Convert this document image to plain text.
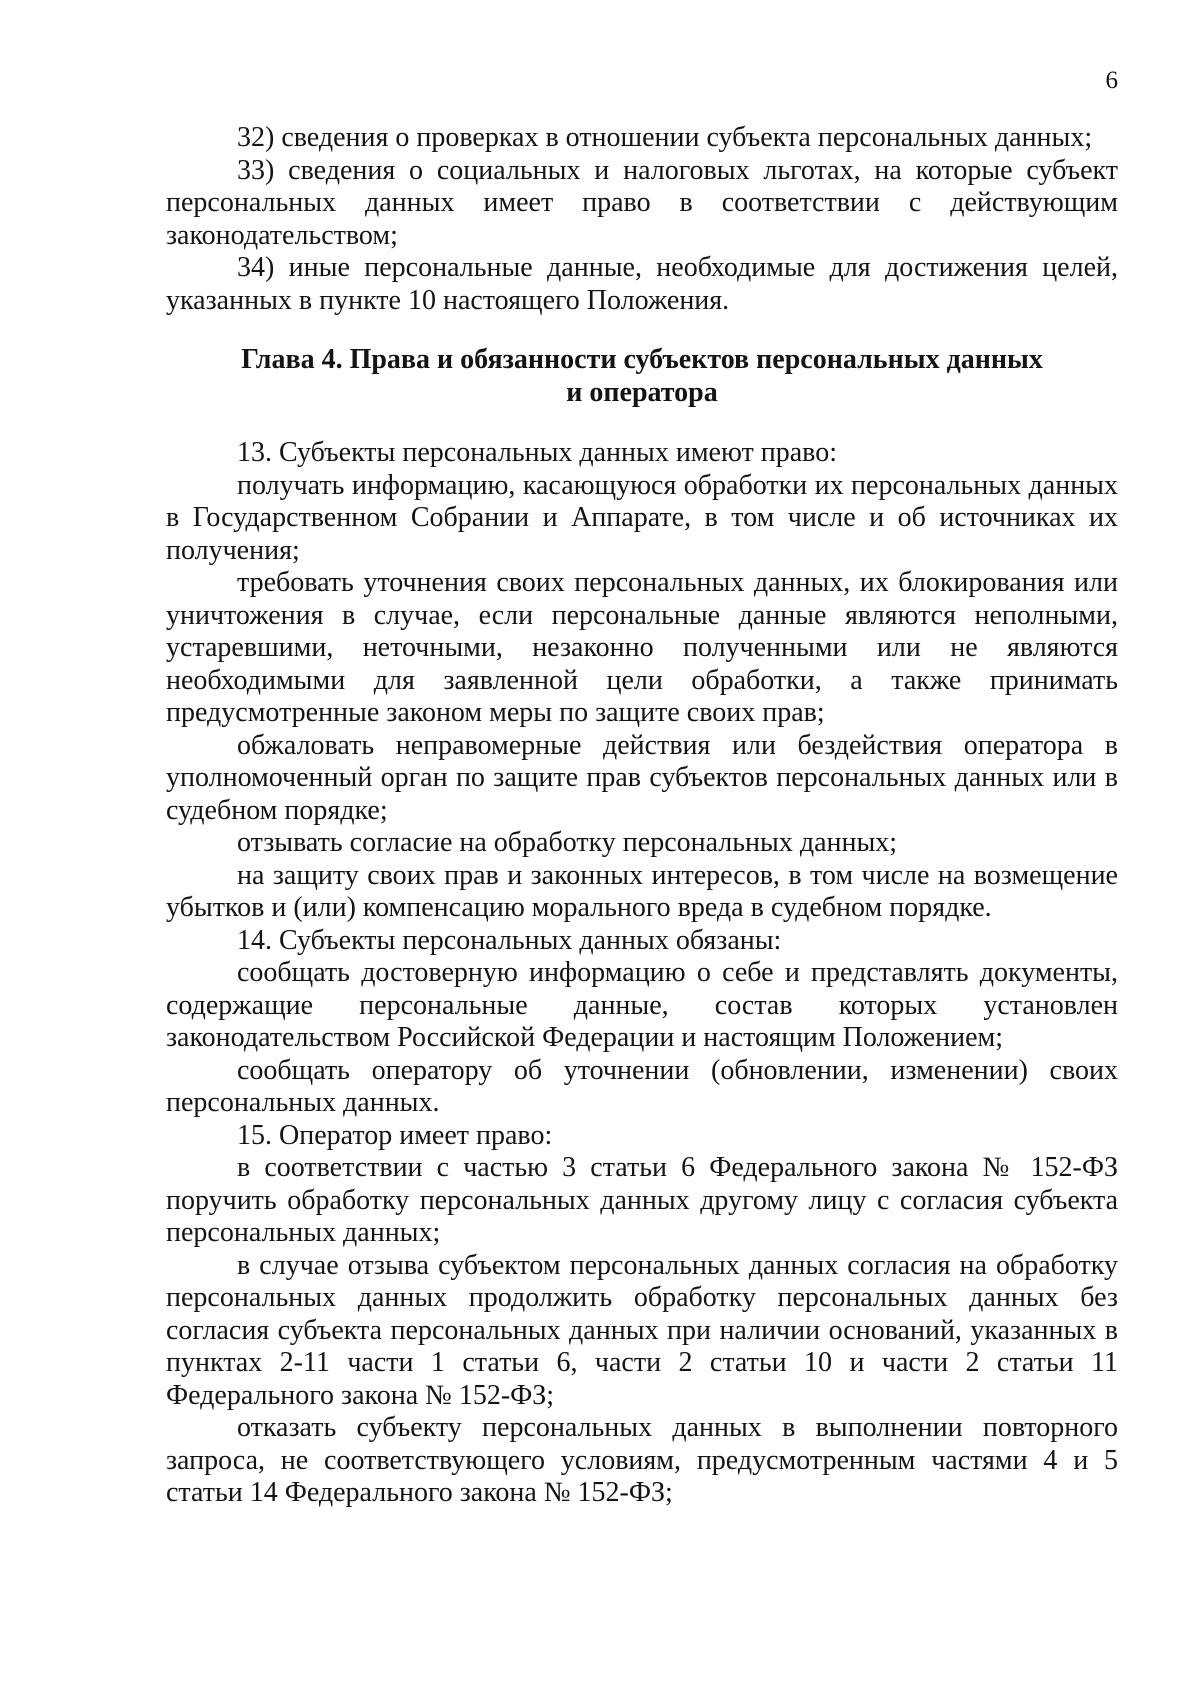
6

32) сведения о проверках в отношении субъекта персональных данных;

33) сведения о социальных и налоговых льготах, на которые субъект персональных данных имеет право в соответствии с действующим законодательством;

34) иные персональные данные, необходимые для достижения целей, указанных в пункте 10 настоящего Положения.

Глава 4. Права и обязанности субъектов персональных данных
и оператора

13. Субъекты персональных данных имеют право:

получать информацию, касающуюся обработки их персональных данных в Государственном Собрании и Аппарате, в том числе и об источниках их получения;

требовать уточнения своих персональных данных, их блокирования или уничтожения в случае, если персональные данные являются неполными, устаревшими, неточными, незаконно полученными или не являются необходимыми для заявленной цели обработки, а также принимать предусмотренные законом меры по защите своих прав;

обжаловать неправомерные действия или бездействия оператора в уполномоченный орган по защите прав субъектов персональных данных или в судебном порядке;

отзывать согласие на обработку персональных данных;

на защиту своих прав и законных интересов, в том числе на возмещение убытков и (или) компенсацию морального вреда в судебном порядке.

14. Субъекты персональных данных обязаны:

сообщать достоверную информацию о себе и представлять документы, содержащие персональные данные, состав которых установлен законодательством Российской Федерации и настоящим Положением;

сообщать оператору об уточнении (обновлении, изменении) своих персональных данных.

15. Оператор имеет право:

в соответствии с частью 3 статьи 6 Федерального закона № 152-ФЗ поручить обработку персональных данных другому лицу с согласия субъекта персональных данных;

в случае отзыва субъектом персональных данных согласия на обработку персональных данных продолжить обработку персональных данных без согласия субъекта персональных данных при наличии оснований, указанных в пунктах 2-11 части 1 статьи 6, части 2 статьи 10 и части 2 статьи 11 Федерального закона № 152-ФЗ;

отказать субъекту персональных данных в выполнении повторного запроса, не соответствующего условиям, предусмотренным частями 4 и 5 статьи 14 Федерального закона № 152-ФЗ;
